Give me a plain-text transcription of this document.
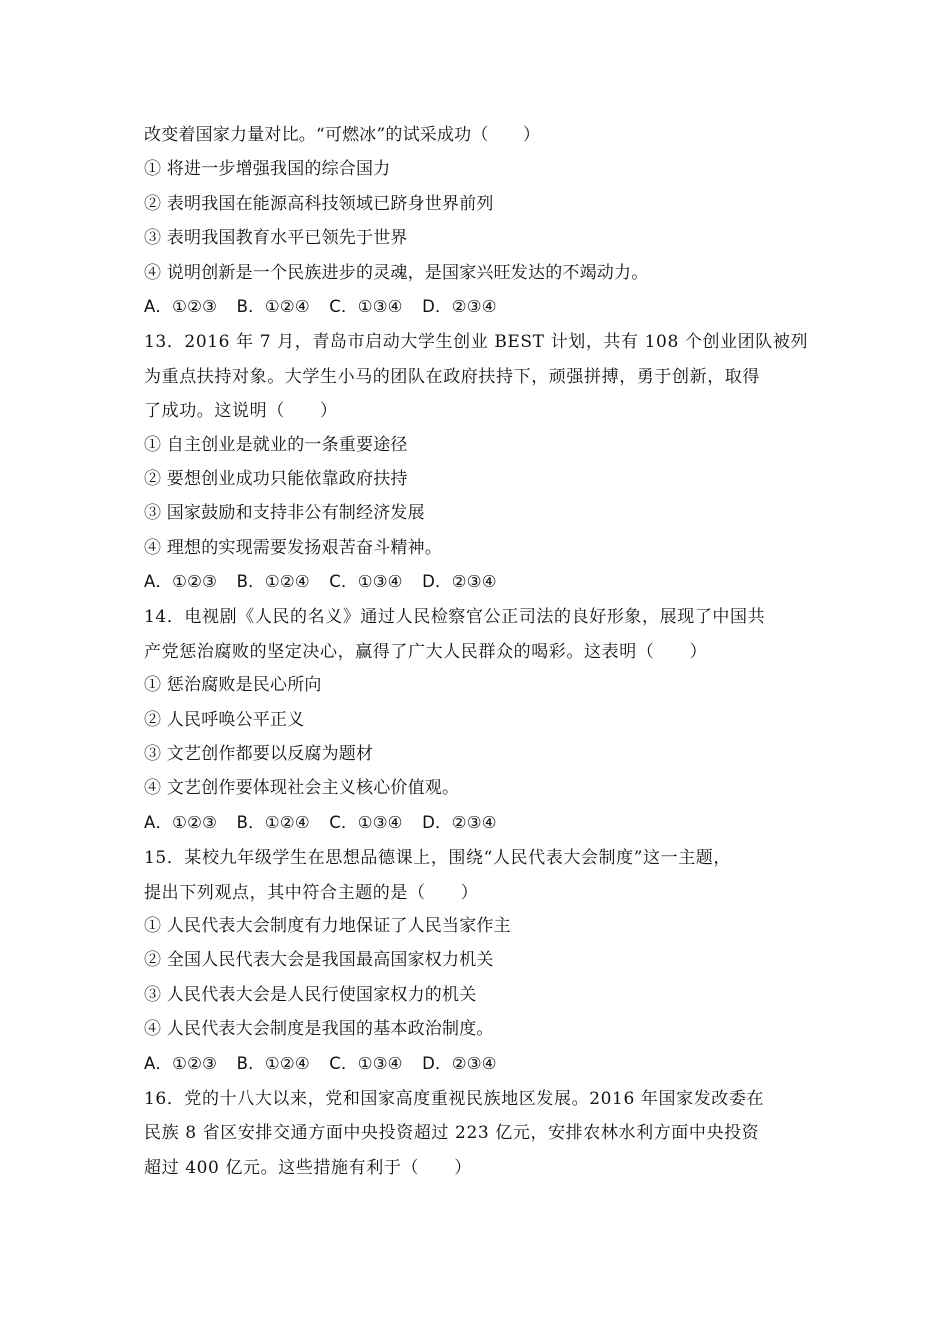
改变着国家力量对比。“可燃冰”的试采成功（　　）
① 将进一步增强我国的综合国力
② 表明我国在能源高科技领域已跻身世界前列
③ 表明我国教育水平已领先于世界
④ 说明创新是一个民族进步的灵魂，是国家兴旺发达的不竭动力。
A．①②③ B．①②④ C．①③④ D．②③④
13．2016 年 7 月，青岛市启动大学生创业 BEST 计划，共有 108 个创业团队被列
为重点扶持对象。大学生小马的团队在政府扶持下，顽强拼搏，勇于创新，取得
了成功。这说明（　　）
① 自主创业是就业的一条重要途径
② 要想创业成功只能依靠政府扶持
③ 国家鼓励和支持非公有制经济发展
④ 理想的实现需要发扬艰苦奋斗精神。
A．①②③ B．①②④ C．①③④ D．②③④
14．电视剧《人民的名义》通过人民检察官公正司法的良好形象，展现了中国共
产党惩治腐败的坚定决心，赢得了广大人民群众的喝彩。这表明（　　）
① 惩治腐败是民心所向
② 人民呼唤公平正义
③ 文艺创作都要以反腐为题材
④ 文艺创作要体现社会主义核心价值观。
A．①②③ B．①②④ C．①③④ D．②③④
15．某校九年级学生在思想品德课上，围绕“人民代表大会制度”这一主题，
提出下列观点，其中符合主题的是（　　）
① 人民代表大会制度有力地保证了人民当家作主
② 全国人民代表大会是我国最高国家权力机关
③ 人民代表大会是人民行使国家权力的机关
④ 人民代表大会制度是我国的基本政治制度。
A．①②③ B．①②④ C．①③④ D．②③④
16．党的十八大以来，党和国家高度重视民族地区发展。2016 年国家发改委在
民族 8 省区安排交通方面中央投资超过 223 亿元，安排农林水利方面中央投资
超过 400 亿元。这些措施有利于（　　）
